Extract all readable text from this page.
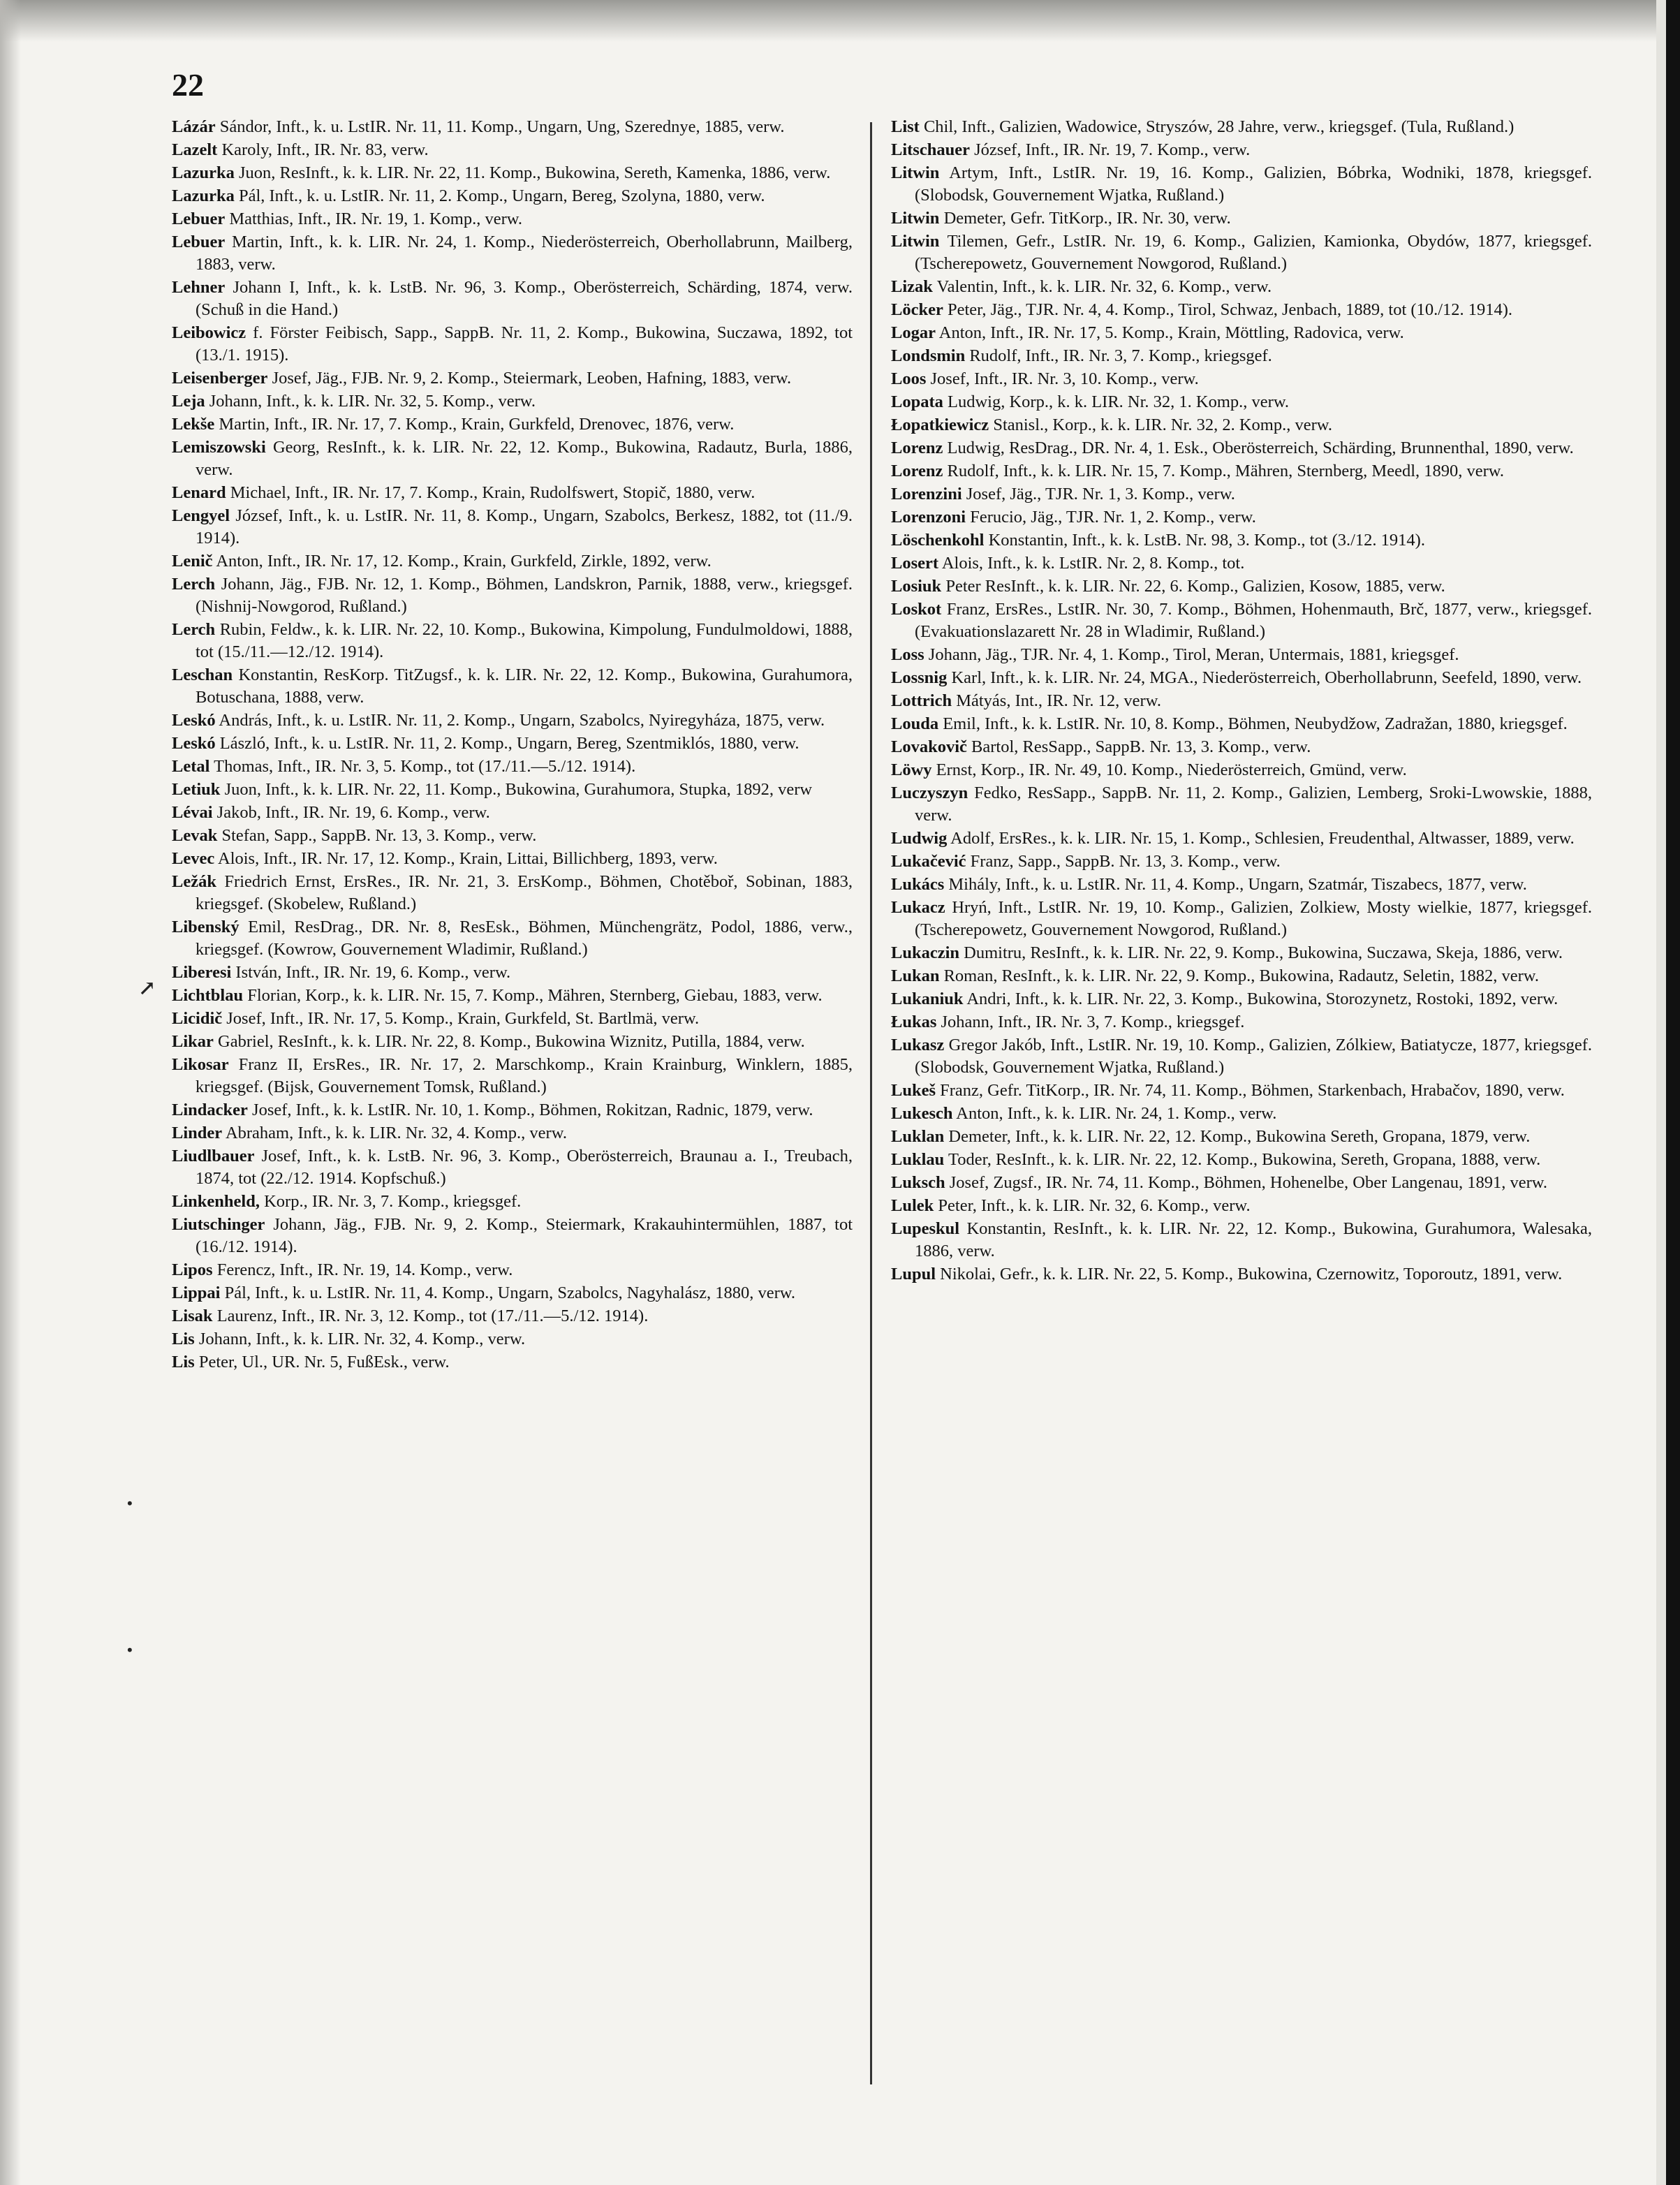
22

Lázár Sándor, Inft., k. u. LstIR. Nr. 11, 11. Komp., Ungarn, Ung, Szerednye, 1885, verw.

Lazelt Karoly, Inft., IR. Nr. 83, verw.

Lazurka Juon, ResInft., k. k. LIR. Nr. 22, 11. Komp., Bukowina, Sereth, Kamenka, 1886, verw.

Lazurka Pál, Inft., k. u. LstIR. Nr. 11, 2. Komp., Ungarn, Bereg, Szolyna, 1880, verw.

Lebuer Matthias, Inft., IR. Nr. 19, 1. Komp., verw.

Lebuer Martin, Inft., k. k. LIR. Nr. 24, 1. Komp., Niederösterreich, Oberhollabrunn, Mailberg, 1883, verw.

Lehner Johann I, Inft., k. k. LstB. Nr. 96, 3. Komp., Oberösterreich, Schärding, 1874, verw. (Schuß in die Hand.)

Leibowicz f. Förster Feibisch, Sapp., SappB. Nr. 11, 2. Komp., Bukowina, Suczawa, 1892, tot (13./1. 1915).

Leisenberger Josef, Jäg., FJB. Nr. 9, 2. Komp., Steiermark, Leoben, Hafning, 1883, verw.

Leja Johann, Inft., k. k. LIR. Nr. 32, 5. Komp., verw.

Lekše Martin, Inft., IR. Nr. 17, 7. Komp., Krain, Gurkfeld, Drenovec, 1876, verw.

Lemiszowski Georg, ResInft., k. k. LIR. Nr. 22, 12. Komp., Bukowina, Radautz, Burla, 1886, verw.

Lenard Michael, Inft., IR. Nr. 17, 7. Komp., Krain, Rudolfswert, Stopič, 1880, verw.

Lengyel József, Inft., k. u. LstIR. Nr. 11, 8. Komp., Ungarn, Szabolcs, Berkesz, 1882, tot (11./9. 1914).

Lenič Anton, Inft., IR. Nr. 17, 12. Komp., Krain, Gurkfeld, Zirkle, 1892, verw.

Lerch Johann, Jäg., FJB. Nr. 12, 1. Komp., Böhmen, Landskron, Parnik, 1888, verw., kriegsgef. (Nishnij-Nowgorod, Rußland.)

Lerch Rubin, Feldw., k. k. LIR. Nr. 22, 10. Komp., Bukowina, Kimpolung, Fundulmoldowi, 1888, tot (15./11.—12./12. 1914).

Leschan Konstantin, ResKorp. TitZugsf., k. k. LIR. Nr. 22, 12. Komp., Bukowina, Gurahumora, Botuschana, 1888, verw.

Leskó András, Inft., k. u. LstIR. Nr. 11, 2. Komp., Ungarn, Szabolcs, Nyiregyháza, 1875, verw.

Leskó László, Inft., k. u. LstIR. Nr. 11, 2. Komp., Ungarn, Bereg, Szentmiklós, 1880, verw.

Letal Thomas, Inft., IR. Nr. 3, 5. Komp., tot (17./11.—5./12. 1914).

Letiuk Juon, Inft., k. k. LIR. Nr. 22, 11. Komp., Bukowina, Gurahumora, Stupka, 1892, verw

Lévai Jakob, Inft., IR. Nr. 19, 6. Komp., verw.

Levak Stefan, Sapp., SappB. Nr. 13, 3. Komp., verw.

Levec Alois, Inft., IR. Nr. 17, 12. Komp., Krain, Littai, Billichberg, 1893, verw.

Ležák Friedrich Ernst, ErsRes., IR. Nr. 21, 3. ErsKomp., Böhmen, Chotěboř, Sobinan, 1883, kriegsgef. (Skobelew, Rußland.)

Libenský Emil, ResDrag., DR. Nr. 8, ResEsk., Böhmen, Münchengrätz, Podol, 1886, verw., kriegsgef. (Kowrow, Gouvernement Wladimir, Rußland.)

Liberesi István, Inft., IR. Nr. 19, 6. Komp., verw.

Lichtblau Florian, Korp., k. k. LIR. Nr. 15, 7. Komp., Mähren, Sternberg, Giebau, 1883, verw.

Licidič Josef, Inft., IR. Nr. 17, 5. Komp., Krain, Gurkfeld, St. Bartlmä, verw.

Likar Gabriel, ResInft., k. k. LIR. Nr. 22, 8. Komp., Bukowina Wiznitz, Putilla, 1884, verw.

Likosar Franz II, ErsRes., IR. Nr. 17, 2. Marschkomp., Krain Krainburg, Winklern, 1885, kriegsgef. (Bijsk, Gouvernement Tomsk, Rußland.)

Lindacker Josef, Inft., k. k. LstIR. Nr. 10, 1. Komp., Böhmen, Rokitzan, Radnic, 1879, verw.

Linder Abraham, Inft., k. k. LIR. Nr. 32, 4. Komp., verw.

Liudlbauer Josef, Inft., k. k. LstB. Nr. 96, 3. Komp., Oberösterreich, Braunau a. I., Treubach, 1874, tot (22./12. 1914. Kopfschuß.)

Linkenheld, Korp., IR. Nr. 3, 7. Komp., kriegsgef.

Liutschinger Johann, Jäg., FJB. Nr. 9, 2. Komp., Steiermark, Krakauhintermühlen, 1887, tot (16./12. 1914).

Lipos Ferencz, Inft., IR. Nr. 19, 14. Komp., verw.

Lippai Pál, Inft., k. u. LstIR. Nr. 11, 4. Komp., Ungarn, Szabolcs, Nagyhalász, 1880, verw.

Lisak Laurenz, Inft., IR. Nr. 3, 12. Komp., tot (17./11.—5./12. 1914).

Lis Johann, Inft., k. k. LIR. Nr. 32, 4. Komp., verw.

Lis Peter, Ul., UR. Nr. 5, FußEsk., verw.

List Chil, Inft., Galizien, Wadowice, Stryszów, 28 Jahre, verw., kriegsgef. (Tula, Rußland.)

Litschauer József, Inft., IR. Nr. 19, 7. Komp., verw.

Litwin Artym, Inft., LstIR. Nr. 19, 16. Komp., Galizien, Bóbrka, Wodniki, 1878, kriegsgef. (Slobodsk, Gouvernement Wjatka, Rußland.)

Litwin Demeter, Gefr. TitKorp., IR. Nr. 30, verw.

Litwin Tilemen, Gefr., LstIR. Nr. 19, 6. Komp., Galizien, Kamionka, Obydów, 1877, kriegsgef. (Tscherepowetz, Gouvernement Nowgorod, Rußland.)

Lizak Valentin, Inft., k. k. LIR. Nr. 32, 6. Komp., verw.

Löcker Peter, Jäg., TJR. Nr. 4, 4. Komp., Tirol, Schwaz, Jenbach, 1889, tot (10./12. 1914).

Logar Anton, Inft., IR. Nr. 17, 5. Komp., Krain, Möttling, Radovica, verw.

Londsmin Rudolf, Inft., IR. Nr. 3, 7. Komp., kriegsgef.

Loos Josef, Inft., IR. Nr. 3, 10. Komp., verw.

Lopata Ludwig, Korp., k. k. LIR. Nr. 32, 1. Komp., verw.

Łopatkiewicz Stanisl., Korp., k. k. LIR. Nr. 32, 2. Komp., verw.

Lorenz Ludwig, ResDrag., DR. Nr. 4, 1. Esk., Oberösterreich, Schärding, Brunnenthal, 1890, verw.

Lorenz Rudolf, Inft., k. k. LIR. Nr. 15, 7. Komp., Mähren, Sternberg, Meedl, 1890, verw.

Lorenzini Josef, Jäg., TJR. Nr. 1, 3. Komp., verw.

Lorenzoni Ferucio, Jäg., TJR. Nr. 1, 2. Komp., verw.

Löschenkohl Konstantin, Inft., k. k. LstB. Nr. 98, 3. Komp., tot (3./12. 1914).

Losert Alois, Inft., k. k. LstIR. Nr. 2, 8. Komp., tot.

Losiuk Peter ResInft., k. k. LIR. Nr. 22, 6. Komp., Galizien, Kosow, 1885, verw.

Loskot Franz, ErsRes., LstIR. Nr. 30, 7. Komp., Böhmen, Hohenmauth, Brč, 1877, verw., kriegsgef. (Evakuationslazarett Nr. 28 in Wladimir, Rußland.)

Loss Johann, Jäg., TJR. Nr. 4, 1. Komp., Tirol, Meran, Untermais, 1881, kriegsgef.

Lossnig Karl, Inft., k. k. LIR. Nr. 24, MGA., Niederösterreich, Oberhollabrunn, Seefeld, 1890, verw.

Lottrich Mátyás, Int., IR. Nr. 12, verw.

Louda Emil, Inft., k. k. LstIR. Nr. 10, 8. Komp., Böhmen, Neubydžow, Zadražan, 1880, kriegsgef.

Lovakovič Bartol, ResSapp., SappB. Nr. 13, 3. Komp., verw.

Löwy Ernst, Korp., IR. Nr. 49, 10. Komp., Niederösterreich, Gmünd, verw.

Luczyszyn Fedko, ResSapp., SappB. Nr. 11, 2. Komp., Galizien, Lemberg, Sroki-Lwowskie, 1888, verw.

Ludwig Adolf, ErsRes., k. k. LIR. Nr. 15, 1. Komp., Schlesien, Freudenthal, Altwasser, 1889, verw.

Lukačević Franz, Sapp., SappB. Nr. 13, 3. Komp., verw.

Lukács Mihály, Inft., k. u. LstIR. Nr. 11, 4. Komp., Ungarn, Szatmár, Tiszabecs, 1877, verw.

Lukacz Hryń, Inft., LstIR. Nr. 19, 10. Komp., Galizien, Zolkiew, Mosty wielkie, 1877, kriegsgef. (Tscherepowetz, Gouvernement Nowgorod, Rußland.)

Lukaczin Dumitru, ResInft., k. k. LIR. Nr. 22, 9. Komp., Bukowina, Suczawa, Skeja, 1886, verw.

Lukan Roman, ResInft., k. k. LIR. Nr. 22, 9. Komp., Bukowina, Radautz, Seletin, 1882, verw.

Lukaniuk Andri, Inft., k. k. LIR. Nr. 22, 3. Komp., Bukowina, Storozynetz, Rostoki, 1892, verw.

Łukas Johann, Inft., IR. Nr. 3, 7. Komp., kriegsgef.

Lukasz Gregor Jakób, Inft., LstIR. Nr. 19, 10. Komp., Galizien, Zólkiew, Batiatycze, 1877, kriegsgef. (Slobodsk, Gouvernement Wjatka, Rußland.)

Lukeš Franz, Gefr. TitKorp., IR. Nr. 74, 11. Komp., Böhmen, Starkenbach, Hrabačov, 1890, verw.

Lukesch Anton, Inft., k. k. LIR. Nr. 24, 1. Komp., verw.

Luklan Demeter, Inft., k. k. LIR. Nr. 22, 12. Komp., Bukowina Sereth, Gropana, 1879, verw.

Luklau Toder, ResInft., k. k. LIR. Nr. 22, 12. Komp., Bukowina, Sereth, Gropana, 1888, verw.

Luksch Josef, Zugsf., IR. Nr. 74, 11. Komp., Böhmen, Hohenelbe, Ober Langenau, 1891, verw.

Lulek Peter, Inft., k. k. LIR. Nr. 32, 6. Komp., verw.

Lupeskul Konstantin, ResInft., k. k. LIR. Nr. 22, 12. Komp., Bukowina, Gurahumora, Walesaka, 1886, verw.

Lupul Nikolai, Gefr., k. k. LIR. Nr. 22, 5. Komp., Bukowina, Czernowitz, Toporoutz, 1891, verw.

↗
•
•
